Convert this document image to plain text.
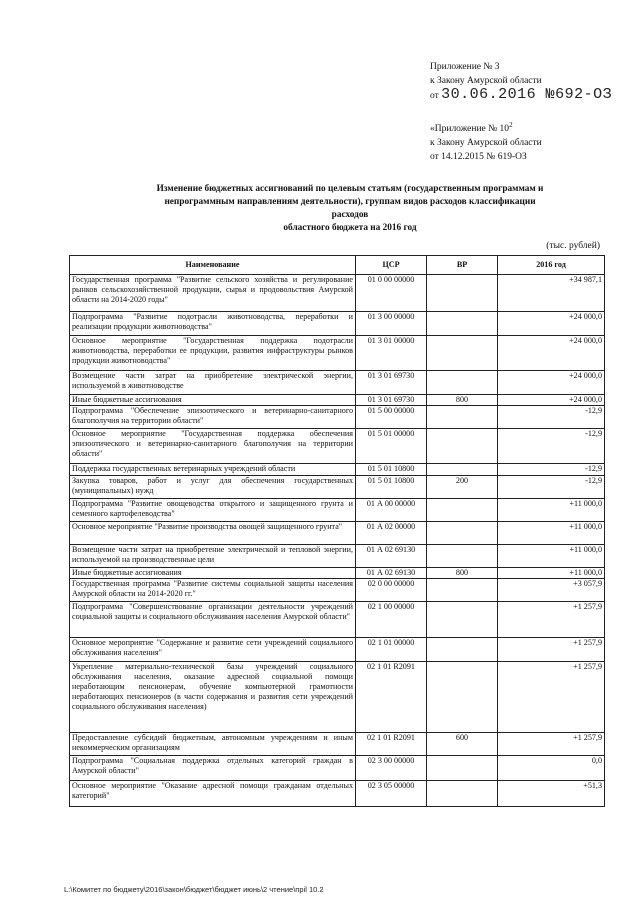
Приложение № 3
к Закону Амурской области
от 30.06.2016 №692-ОЗ
«Приложение № $10^2$
к Закону Амурской области
от 14.12.2015 № 619-ОЗ
Изменение бюджетных ассигнований по целевым статьям (государственным программам и
непрограммным направлениям деятельности), группам видов расходов классификации расходов
областного бюджета на 2016 год
(тыс. рублей)
Наименование	ЦСР	ВР	2016 год
Государственная программа "Развитие сельского хозяйства и регулирование рынков сельскохозяйственной продукции, сырья и продовольствия Амурской области на 2014-2020 годы"	01 0 00 00000		+34 987,1
Подпрограмма "Развитие подотрасли животноводства, переработки и реализации продукции животноводства"	01 3 00 00000		+24 000,0
Основное мероприятие "Государственная поддержка подотрасли животноводства, переработки ее продукции, развития инфраструктуры рынков продукции животноводства"	01 3 01 00000		+24 000,0
Возмещение части затрат на приобретение электрической энергии, используемой в животноводстве	01 3 01 69730		+24 000,0
Иные бюджетные ассигнования	01 3 01 69730	800	+24 000,0
Подпрограмма "Обеспечение эпизоотического и ветеринарно-санитарного благополучия на территории области"	01 5 00 00000		-12,9
Основное мероприятие "Государственная поддержка обеспечения эпизоотического и ветеринарно-санитарного благополучия на территории области"	01 5 01 00000		-12,9
Поддержка государственных ветеринарных учреждений области	01 5 01 10800		-12,9
Закупка товаров, работ и услуг для обеспечения государственных (муниципальных) нужд	01 5 01 10800	200	-12,9
Подпрограмма "Развитие овощеводства открытого и защищенного грунта и семенного картофелеводства"	01 А 00 00000		+11 000,0
Основное мероприятие "Развитие производства овощей защищенного грунта"	01 А 02 00000		+11 000,0
Возмещение части затрат на приобретение электрической и тепловой энергии, используемой на производственные цели	01 А 02 69130		+11 000,0
Иные бюджетные ассигнования	01 А 02 69130	800	+11 000,0
Государственная программа "Развитие системы социальной защиты населения Амурской области на 2014-2020 гг."	02 0 00 00000		+3 057,9
Подпрограмма "Совершенствование организации деятельности учреждений социальной защиты и социального обслуживания населения Амурской области"	02 1 00 00000		+1 257,9
Основное мероприятие "Содержание и развитие сети учреждений социального обслуживания населения"	02 1 01 00000		+1 257,9
Укрепление материально-технической базы учреждений социального обслуживания населения, оказание адресной социальной помощи неработающим пенсионерам, обучение компьютерной грамотности неработающих пенсионеров (в части содержания и развития сети учреждений социального обслуживания населения)	02 1 01 R2091		+1 257,9
Предоставление субсидий бюджетным, автономным учреждениям и иным некоммерческим организациям	02 1 01 R2091	600	+1 257,9
Подпрограмма "Социальная поддержка отдельных категорий граждан в Амурской области"	02 3 00 00000		0,0
Основное мероприятие "Оказание адресной помощи гражданам отдельных категорий"	02 3 05 00000		+51,3
L:\Комитет по бюджету\2016\закон\бюджет\бюджет июнь\2 чтение\прil 10.2
